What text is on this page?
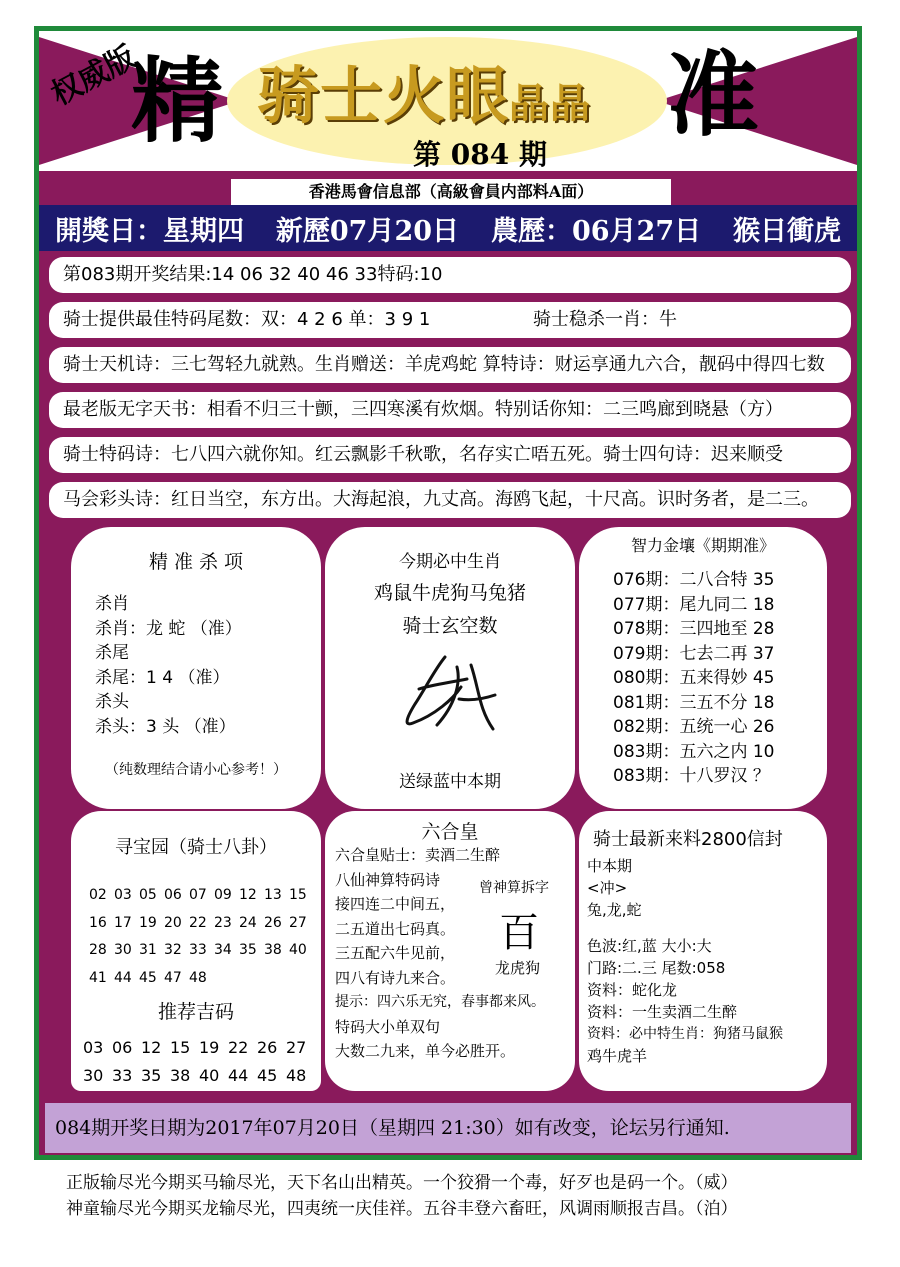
权威版
精 骑士火眼晶晶
第 084 期
准
香港馬會信息部（高級會員内部料A面）
開獎日：星期四 新歷07月20日 農歷：06月27日 猴日衝虎
第083期开奖结果:14 06 32 40 46 33特码:10
骑士提供最佳特码尾数：双：4 2 6 单：3 9 1	骑士稳杀一肖：牛
骑士天机诗：三七驾轻九就熟。生肖赠送：羊虎鸡蛇 算特诗：财运享通九六合，靓码中得四七数
最老版无字天书：相看不归三十颤，三四寒溪有炊烟。特别话你知：二三鸣廊到晓悬（方）
骑士特码诗：七八四六就你知。红云飘影千秋歌，名存实亡唔五死。骑士四句诗：迟来顺受
马会彩头诗：红日当空，东方出。大海起浪，九丈高。海鸥飞起，十尺高。识时务者，是二三。
精 准 杀 项
杀肖
杀肖：龙 蛇 （准）
杀尾
杀尾：1 4 （准）
杀头
杀头：3 头 （准）
（纯数理结合请小心参考！）
今期必中生肖
鸡鼠牛虎狗马兔猪
骑士玄空数
送绿蓝中本期
智力金壤《期期准》
076期：二八合特 35
077期：尾九同二 18
078期：三四地至 28
079期：七去二再 37
080期：五来得妙 45
081期：三五不分 18
082期：五统一心 26
083期：五六之内 10
083期：十八罗汉 ？
寻宝园（骑士八卦）
02 03 05 06 07 09 12 13 15
16 17 19 20 22 23 24 26 27
28 30 31 32 33 34 35 38 40
41 44 45 47 48
推荐吉码
03 06 12 15 19 22 26 27
30 33 35 38 40 44 45 48
六合皇
六合皇贴士：卖酒二生醉
八仙神算特码诗
接四连二中间五，
二五道出七码真。
三五配六牛见前，
四八有诗九来合。
提示：四六乐无究，春事都来风。
特码大小单双句
大数二九来，单今必胜开。
曾神算拆字
百
龙虎狗
骑士最新来料2800信封
中本期
<冲>
兔,龙,蛇
色波:红,蓝 大小:大
门路:二.三 尾数:058
资料：蛇化龙
资料：一生卖酒二生醉
资料：必中特生肖：狗猪马鼠猴
鸡牛虎羊
084期开奖日期为2017年07月20日（星期四 21:30）如有改变，论坛另行通知.
正版输尽光今期买马输尽光，天下名山出精英。一个狡猾一个毒，好歹也是码一个。（威）
神童输尽光今期买龙输尽光，四夷统一庆佳祥。五谷丰登六畜旺，风调雨顺报吉昌。（泊）
